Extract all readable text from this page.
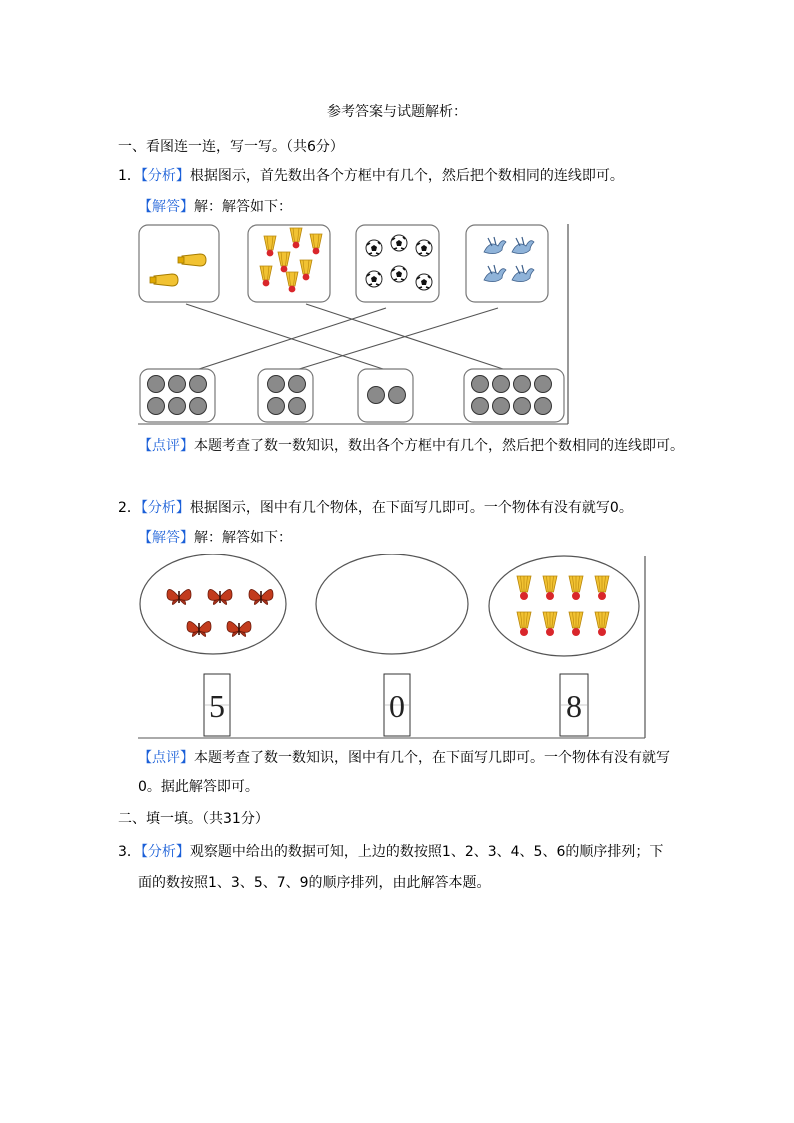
参考答案与试题解析：
一、看图连一连，写一写。（共6分）
1．【分析】根据图示，首先数出各个方框中有几个，然后把个数相同的连线即可。
【解答】解：解答如下：
【点评】本题考查了数一数知识，数出各个方框中有几个，然后把个数相同的连线即可。
2．【分析】根据图示，图中有几个物体，在下面写几即可。一个物体有没有就写0。
【解答】解：解答如下：
5	0	8
【点评】本题考查了数一数知识，图中有几个，在下面写几即可。一个物体有没有就写
0。据此解答即可。
二、填一填。（共31分）
3．【分析】观察题中给出的数据可知，上边的数按照1、2、3、4、5、6的顺序排列；下
面的数按照1、3、5、7、9的顺序排列，由此解答本题。
